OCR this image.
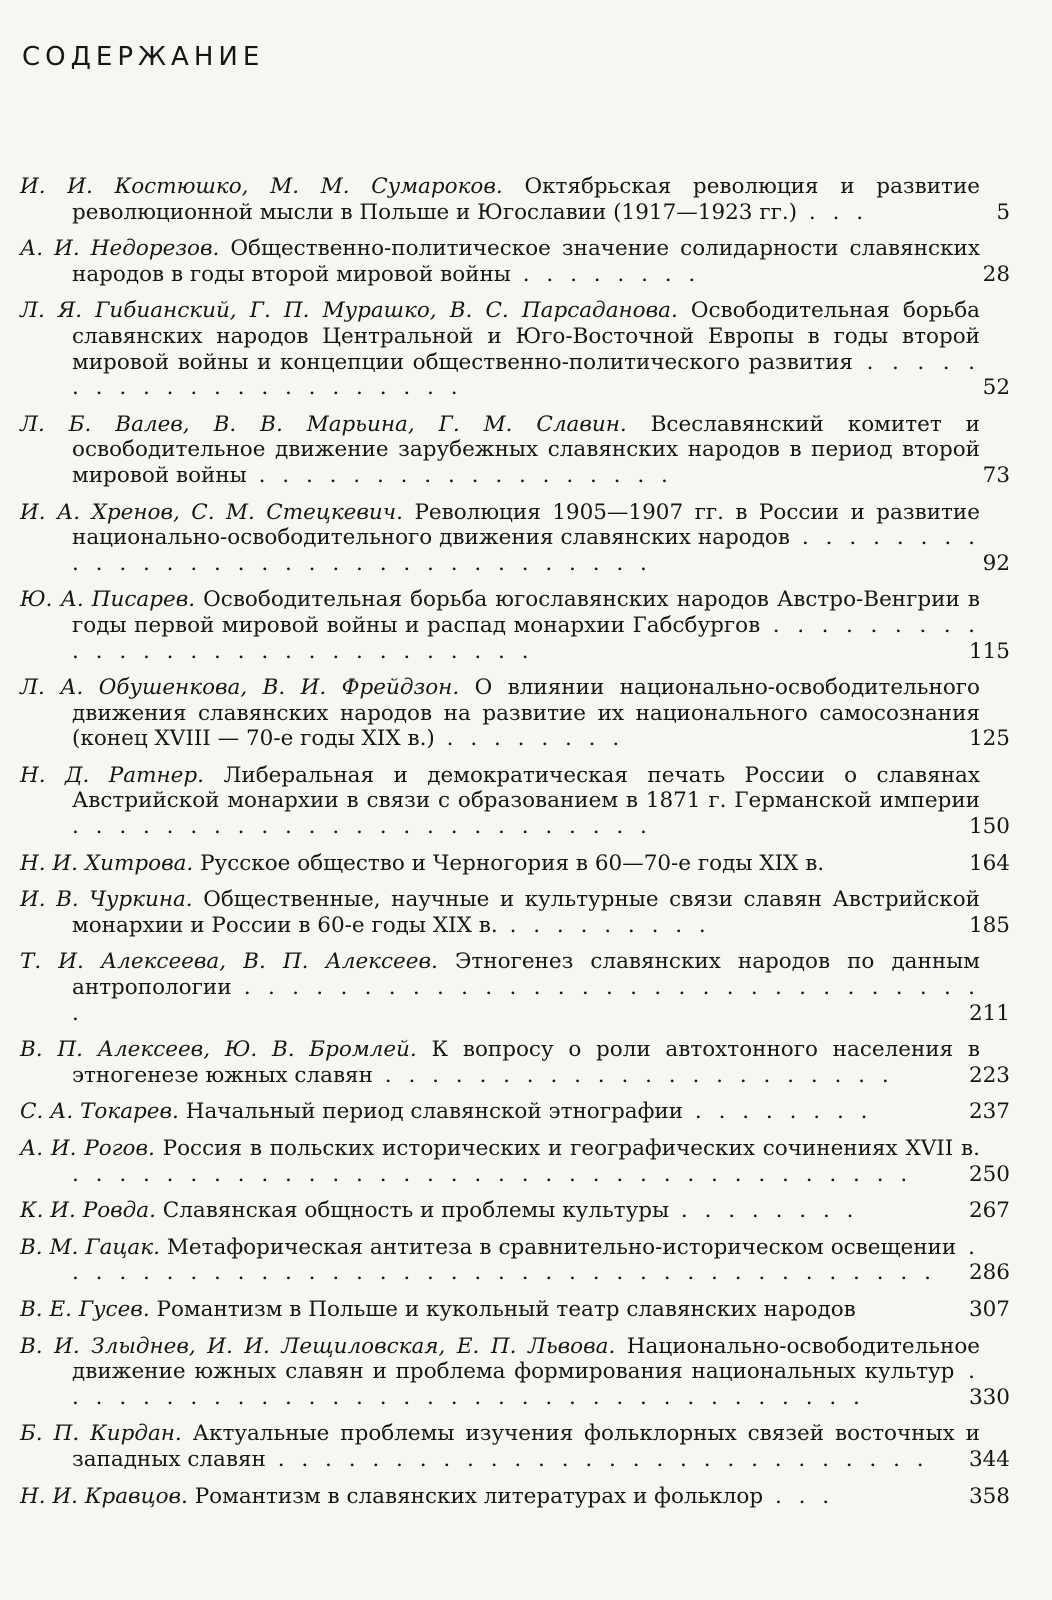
СОДЕРЖАНИЕ
И. И. Костюшко, М. М. Сумароков. Октябрьская революция и развитие революционной мысли в Польше и Югославии (1917—1923 гг.) . . .	5
А. И. Недорезов. Общественно-политическое значение солидарности славянских народов в годы второй мировой войны . . . . . . . .	28
Л. Я. Гибианский, Г. П. Мурашко, В. С. Парсаданова. Освободительная борьба славянских народов Центральной и Юго-Восточной Европы в годы второй мировой войны и концепции общественно-политического развития . . . . . . . . . . . . . . . . . . . . . .	52
Л. Б. Валев, В. В. Марьина, Г. М. Славин. Всеславянский комитет и освободительное движение зарубежных славянских народов в период второй мировой войны . . . . . . . . . . . . . . . . . .	73
И. А. Хренов, С. М. Стецкевич. Революция 1905—1907 гг. в России и развитие национально-освободительного движения славянских народов . . . . . . . . . . . . . . . . . . . . . . . . . . . . . . . . .	92
Ю. А. Писарев. Освободительная борьба югославянских народов Австро-Венгрии в годы первой мировой войны и распад монархии Габсбургов . . . . . . . . . . . . . . . . . . . . . . . . . . . . .	115
Л. А. Обушенкова, В. И. Фрейдзон. О влиянии национально-освободительного движения славянских народов на развитие их национального самосознания (конец XVIII — 70-е годы XIX в.) . . . . . . . .	125
Н. Д. Ратнер. Либеральная и демократическая печать России о славянах Австрийской монархии в связи с образованием в 1871 г. Германской империи . . . . . . . . . . . . . . . . . . . . . . . . .	150
Н. И. Хитрова. Русское общество и Черногория в 60—70-е годы XIX в.	164
И. В. Чуркина. Общественные, научные и культурные связи славян Австрийской монархии и России в 60-е годы XIX в. . . . . . . . . .	185
Т. И. Алексеева, В. П. Алексеев. Этногенез славянских народов по данным антропологии . . . . . . . . . . . . . . . . . . . . . . . . . . . . . . . .	211
В. П. Алексеев, Ю. В. Бромлей. К вопросу о роли автохтонного населения в этногенезе южных славян . . . . . . . . . . . . . . . . . . . . . .	223
С. А. Токарев. Начальный период славянской этнографии . . . . . . . .	237
А. И. Рогов. Россия в польских исторических и географических сочинениях XVII в. . . . . . . . . . . . . . . . . . . . . . . . . . . . . . . . . . . . .	250
К. И. Ровда. Славянская общность и проблемы культуры . . . . . . . .	267
В. М. Гацак. Метафорическая антитеза в сравнительно-историческом освещении . . . . . . . . . . . . . . . . . . . . . . . . . . . . . . . . . . . . . .	286
В. Е. Гусев. Романтизм в Польше и кукольный театр славянских народов	307
В. И. Злыднев, И. И. Лещиловская, Е. П. Львова. Национально-освободительное движение южных славян и проблема формирования национальных культур . . . . . . . . . . . . . . . . . . . . . . . . . . . . . . . . . . .	330
Б. П. Кирдан. Актуальные проблемы изучения фольклорных связей восточных и западных славян . . . . . . . . . . . . . . . . . . . . . . . . . . . .	344
Н. И. Кравцов. Романтизм в славянских литературах и фольклор . . .	358
